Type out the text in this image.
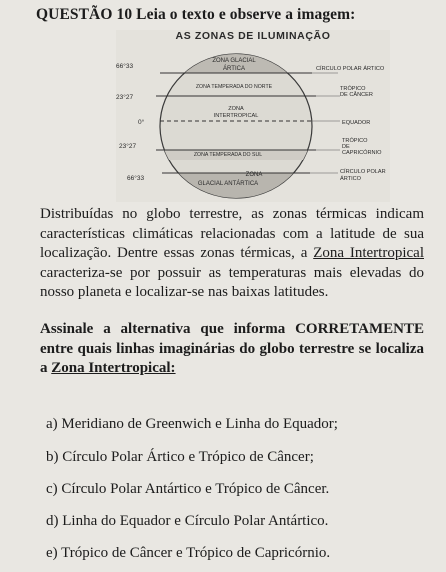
QUESTÃO 10 Leia o texto e observe a imagem:
66°33
23°27
0°
23°27
66°33
ZONA GLACIAL
ÁRTICA
ZONA TEMPERADA DO NORTE
ZONA
INTERTROPICAL
ZONA TEMPERADA DO SUL
ZONA
GLACIAL ANTÁRTICA
CÍRCULO POLAR ÁRTICO
TRÓPICO
DE CÂNCER
EQUADOR
TRÓPICO
DE
CAPRICÓRNIO
CÍRCULO POLAR
ÁRTICO
AS ZONAS DE ILUMINAÇÃO
Distribuídas no globo terrestre, as zonas térmicas indicam características climáticas relacionadas com a latitude de sua localização. Dentre essas zonas térmicas, a Zona Intertropical caracteriza-se por possuir as temperaturas mais elevadas do nosso planeta e localizar-se nas baixas latitudes.
Assinale a alternativa que informa CORRETAMENTE entre quais linhas imaginárias do globo terrestre se localiza a Zona Intertropical:
a) Meridiano de Greenwich e Linha do Equador;
b) Círculo Polar Ártico e Trópico de Câncer;
c) Círculo Polar Antártico e Trópico de Câncer.
d) Linha do Equador e Círculo Polar Antártico.
e) Trópico de Câncer e Trópico de Capricórnio.
